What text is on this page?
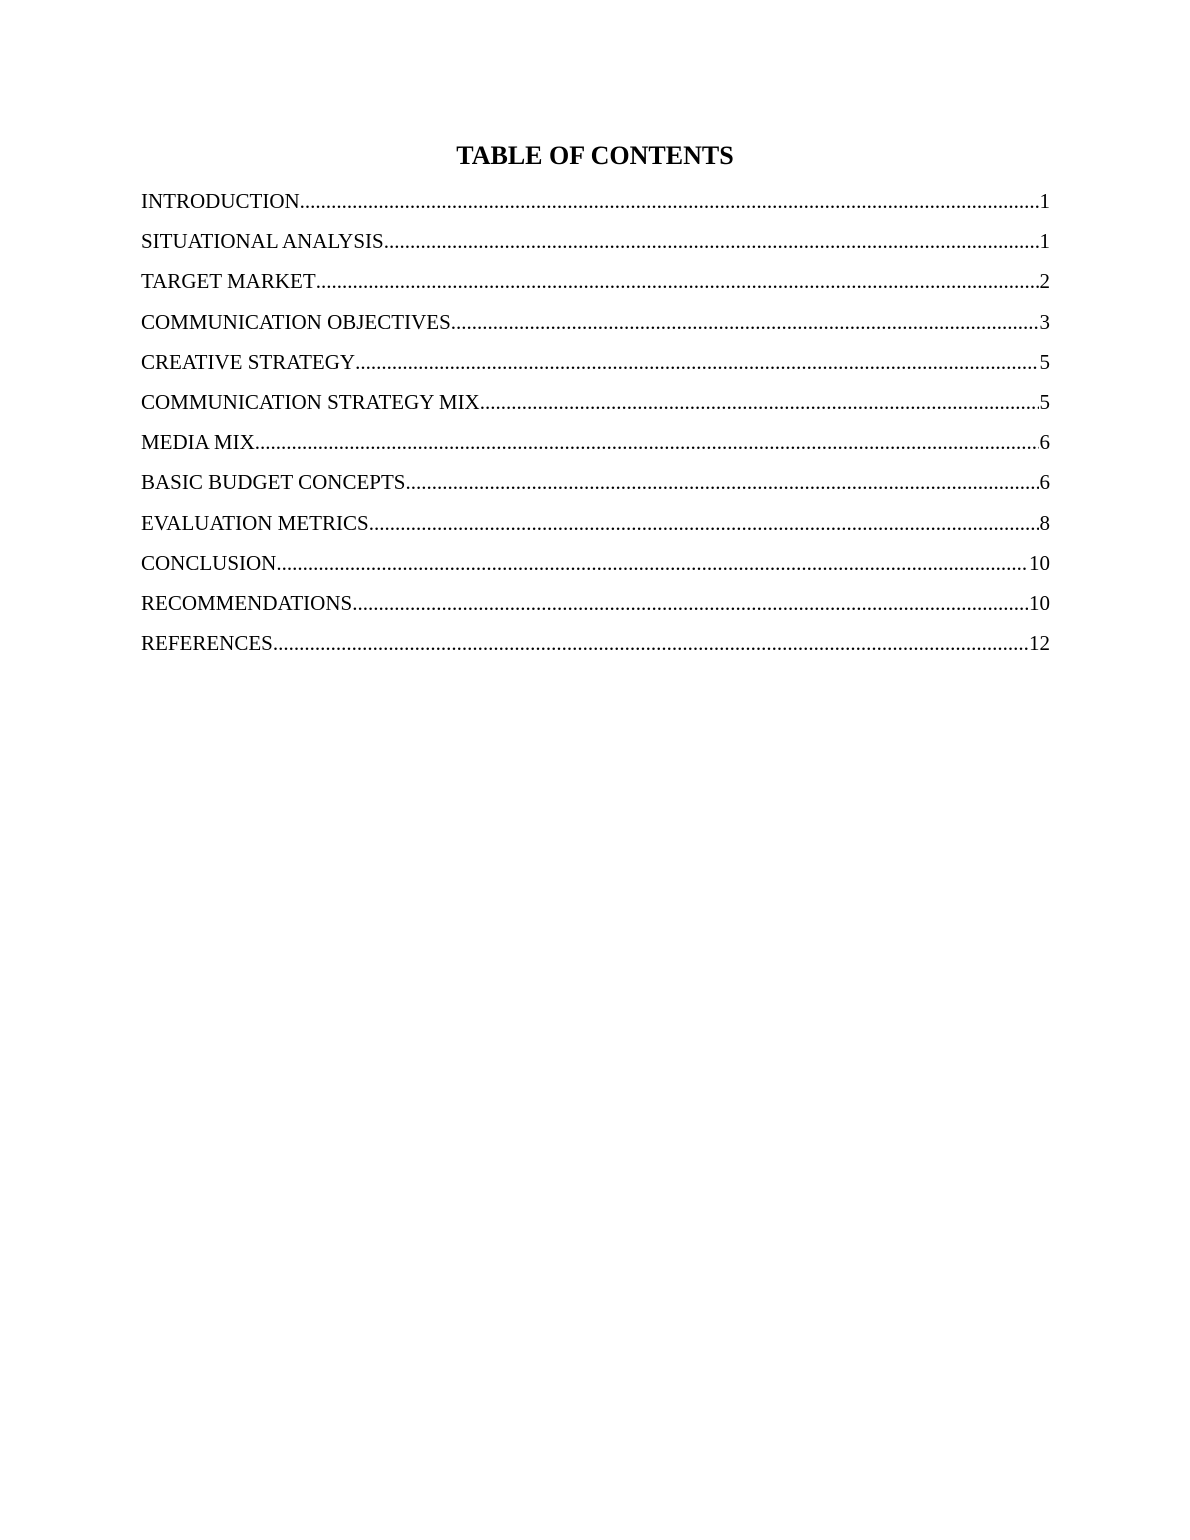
TABLE OF CONTENTS
INTRODUCTION .....	1
SITUATIONAL ANALYSIS .....	1
TARGET MARKET .....	2
COMMUNICATION OBJECTIVES .....	3
CREATIVE STRATEGY .....	5
COMMUNICATION STRATEGY MIX .....	5
MEDIA MIX .....	6
BASIC BUDGET CONCEPTS .....	6
EVALUATION METRICS .....	8
CONCLUSION .....	10
RECOMMENDATIONS .....	10
REFERENCES .....	12
